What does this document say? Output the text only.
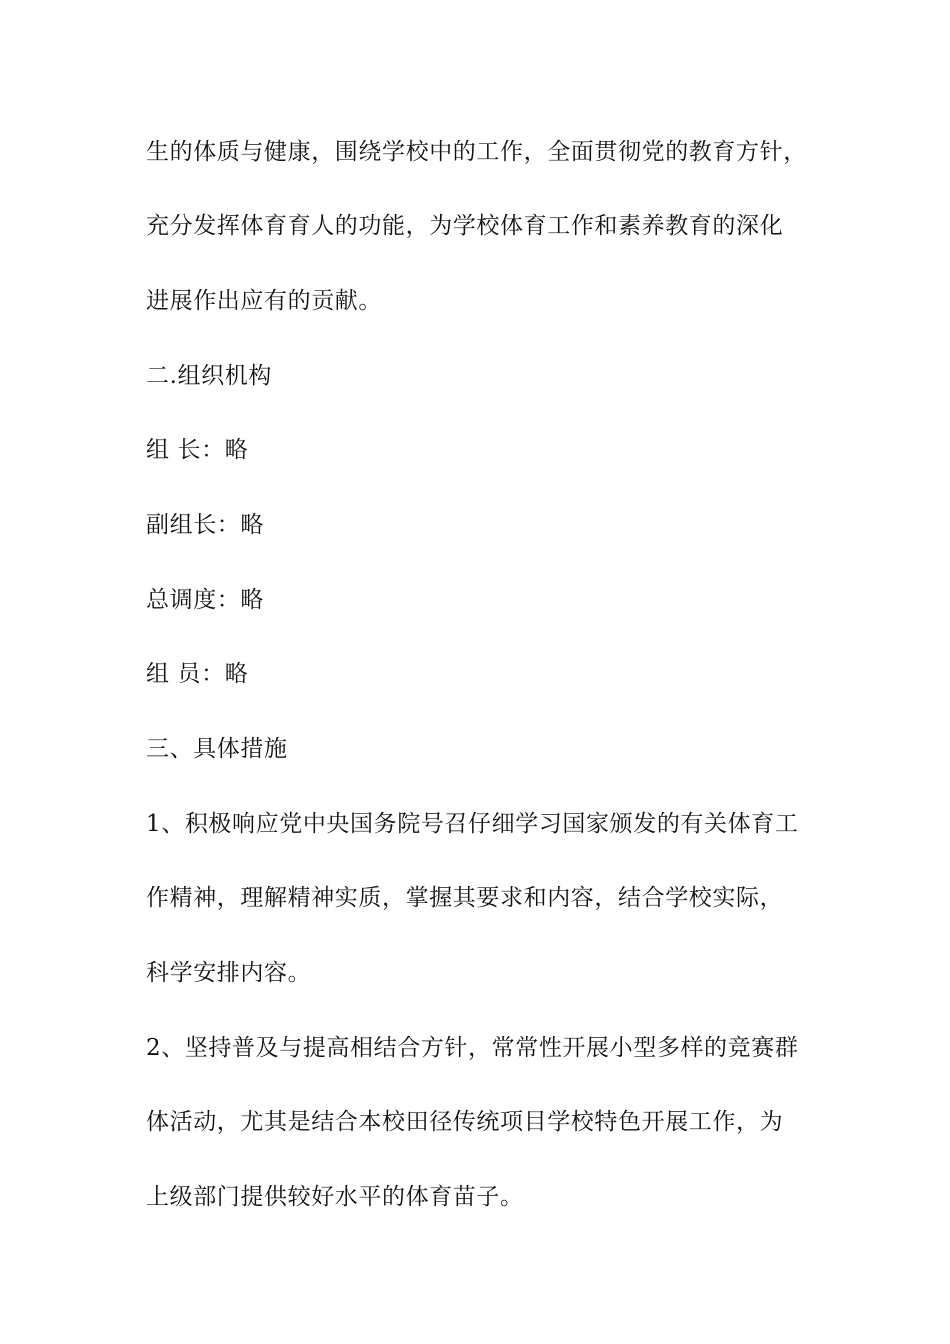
生的体质与健康，围绕学校中的工作，全面贯彻党的教育方针，
充分发挥体育育人的功能，为学校体育工作和素养教育的深化
进展作出应有的贡献。
二.组织机构
组 长：略
副组长：略
总调度：略
组 员：略
三、具体措施
1、积极响应党中央国务院号召仔细学习国家颁发的有关体育工
作精神，理解精神实质，掌握其要求和内容，结合学校实际，
科学安排内容。
2、坚持普及与提高相结合方针，常常性开展小型多样的竞赛群
体活动，尤其是结合本校田径传统项目学校特色开展工作，为
上级部门提供较好水平的体育苗子。
